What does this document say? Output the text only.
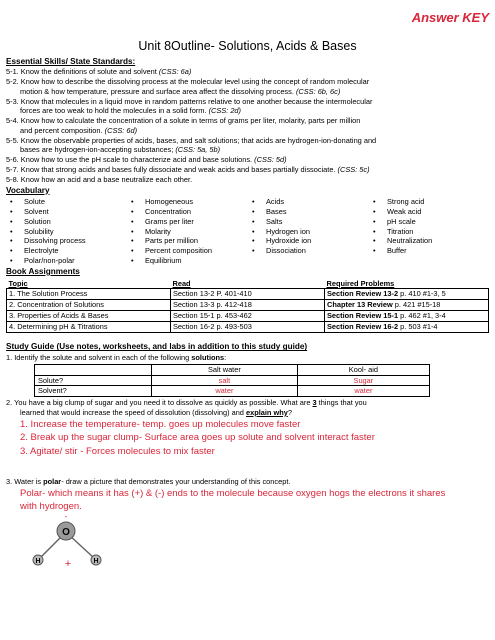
Answer KEY
Unit 8Outline- Solutions, Acids & Bases
Essential Skills/ State Standards:
5-1. Know the definitions of solute and solvent (CSS: 6a)
5-2. Know how to describe the dissolving process at the molecular level using the concept of random molecular
motion & how temperature, pressure and surface area affect the dissolving process. (CSS: 6b, 6c)
5-3. Know that molecules in a liquid move in random patterns relative to one another because the intermolecular
forces are too weak to hold the molecules in a solid form. (CSS: 2d)
5-4. Know how to calculate the concentration of a solute in terms of grams per liter, molarity, parts per million
and percent composition. (CSS: 6d)
5-5. Know the observable properties of acids, bases, and salt solutions; that acids are hydrogen-ion-donating and
bases are hydrogen-ion-accepting substances; (CSS: 5a, 5b)
5-6. Know how to use the pH scale to characterize acid and base solutions. (CSS: 5d)
5-7. Know that strong acids and bases fully dissociate and weak acids and bases partially dissociate. (CSS: 5c)
5-8. Know how an acid and a base neutralize each other.
Vocabulary
• Solute
• Solvent
• Solution
• Solubility
• Dissolving process
• Electrolyte
• Polar/non-polar
• Homogeneous
• Concentration
• Grams per liter
• Molarity
• Parts per million
• Percent composition
• Equilibrium
• Acids
• Bases
• Salts
• Hydrogen ion
• Hydroxide ion
• Dissociation
• Strong acid
• Weak acid
• pH scale
• Titration
• Neutralization
• Buffer
Book Assignments
Topic	Read	Required Problems
1. The Solution Process	Section 13-2 P. 401-410	Section Review 13-2 p. 410 #1-3, 5
2. Concentration of Solutions	Section 13-3 p. 412-418	Chapter 13 Review p. 421 #15-18
3. Properties of Acids & Bases	Section 15-1 p. 453-462	Section Review 15-1 p. 462 #1, 3-4
4. Determining pH & Titrations	Section 16-2 p. 493-503	Section Review 16-2 p. 503 #1-4
Study Guide (Use notes, worksheets, and labs in addition to this study guide)
1. Identify the solute and solvent in each of the following solutions:
	Salt water	Kool- aid
Solute?	salt	Sugar
Solvent?	water	water
2. You have a big clump of sugar and you need it to dissolve as quickly as possible. What are 3 things that you
learned that would increase the speed of dissolution (dissolving) and explain why?
1. Increase the temperature- temp. goes up molecules move faster
2. Break up the sugar clump- Surface area goes up solute and solvent interact faster
3. Agitate/ stir - Forces molecules to mix faster
3. Water is polar- draw a picture that demonstrates your understanding of this concept.
Polar- which means it has (+) & (-) ends to the molecule because oxygen hogs the electrons it shares with hydrogen.
O
-
H	H
+
